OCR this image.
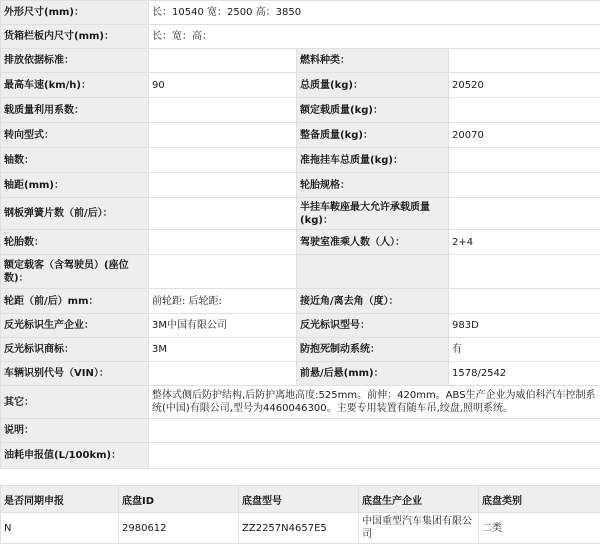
外形尺寸(mm)：	长：10540 宽：2500 高：3850		
货箱栏板内尺寸(mm)：	长：宽：高：		
排放依据标准：		燃料种类：	
最高车速(km/h)：	90	总质量(kg)：	20520
载质量利用系数：		额定载质量(kg)：	
转向型式：		整备质量(kg)：	20070
轴数：		准拖挂车总质量(kg)：	
轴距(mm)：		轮胎规格：	
钢板弹簧片数（前/后）：		半挂车鞍座最大允许承载质量(kg)：	
轮胎数：		驾驶室准乘人数（人）：	2+4
额定载客（含驾驶员）(座位数)：			
轮距（前/后）mm：	前轮距: 后轮距:	接近角/离去角（度）：	
反光标识生产企业：	3M中国有限公司	反光标识型号：	983D
反光标识商标：	3M	防抱死制动系统：	有
车辆识别代号（VIN）：		前悬/后悬(mm)：	1578/2542
其它：	整体式侧后防护结构,后防护离地高度:525mm。前伸：420mm。ABS生产企业为威伯科汽车控制系统(中国)有限公司,型号为4460046300。主要专用装置有随车吊,绞盘,照明系统。		
说明：			
油耗申报值(L/100km)：			
是否同期申报	底盘ID	底盘型号	底盘生产企业	底盘类别
N	2980612	ZZ2257N4657E5	中国重型汽车集团有限公司	二类
